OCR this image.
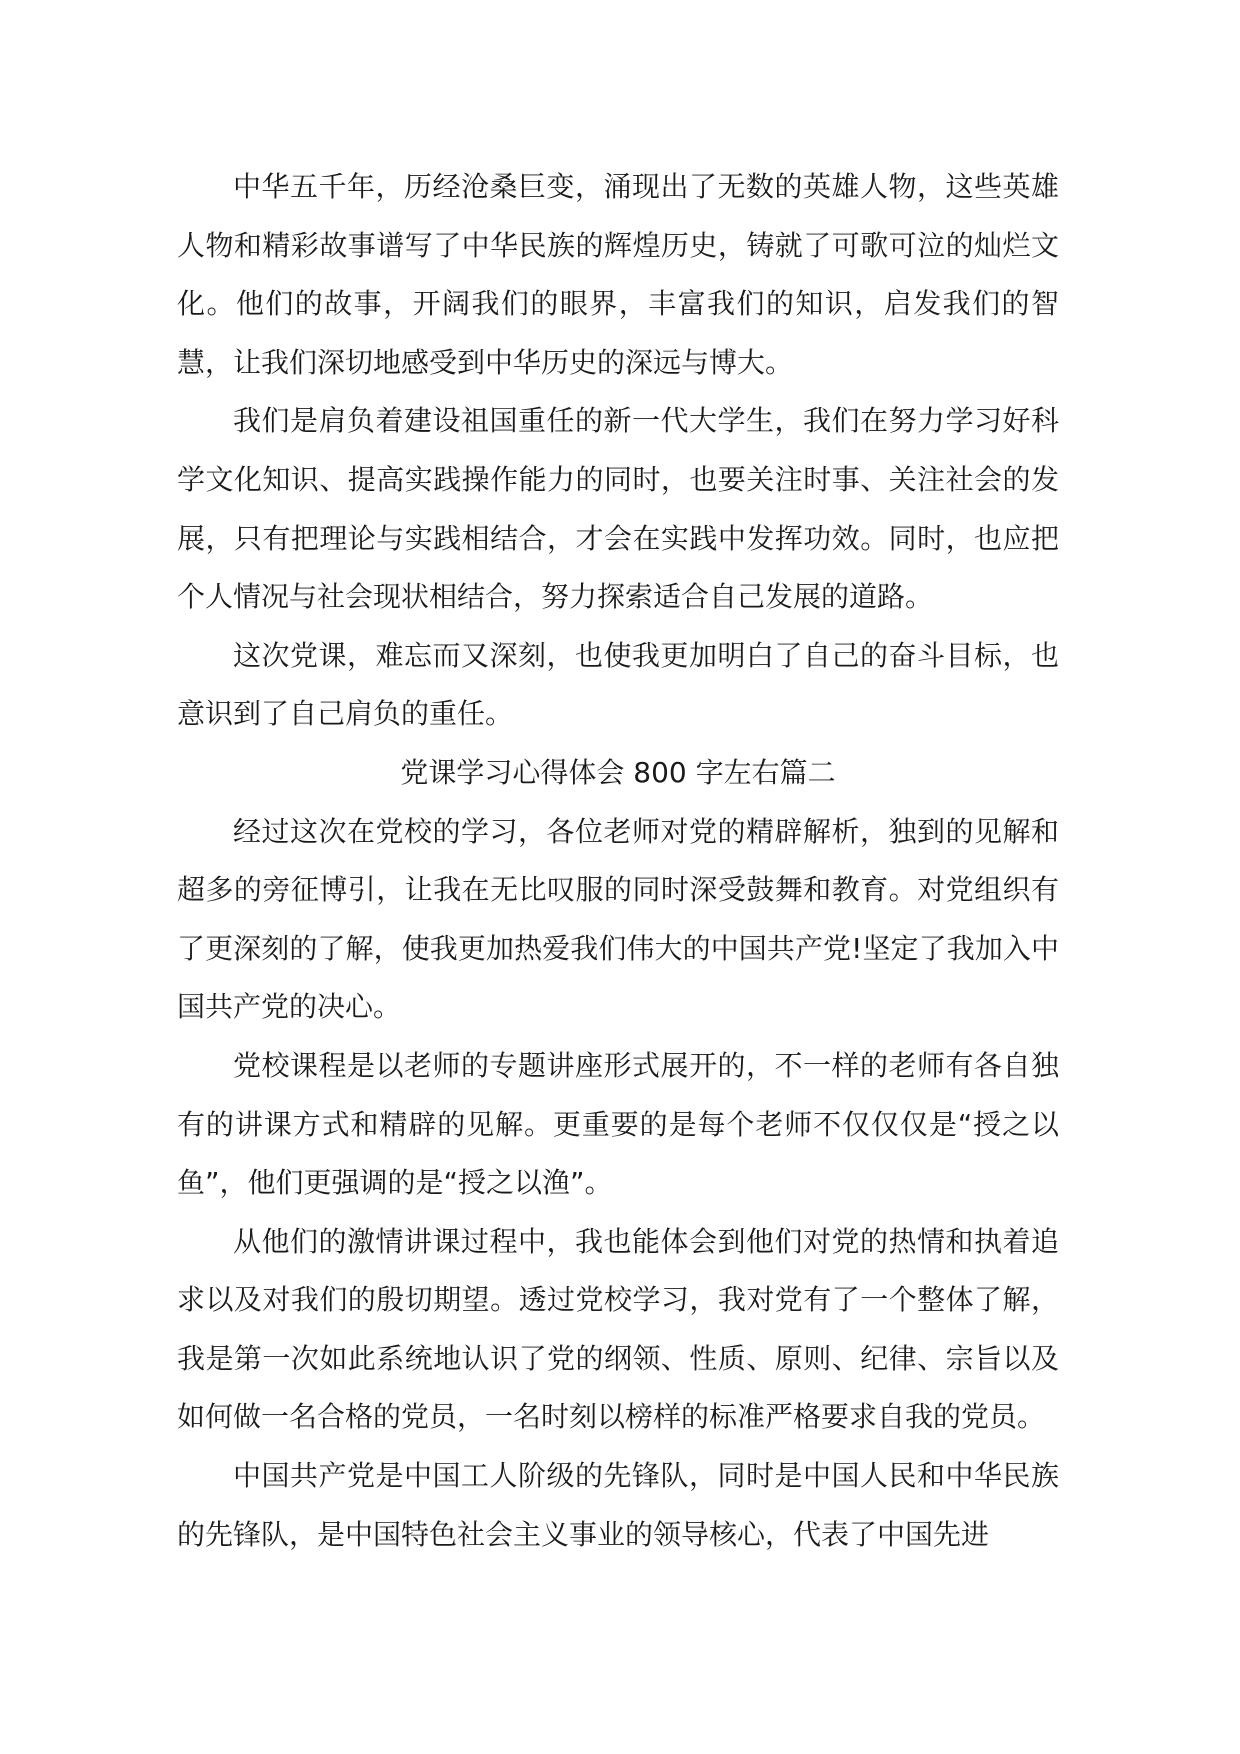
中华五千年，历经沧桑巨变，涌现出了无数的英雄人物，这些英雄人物和精彩故事谱写了中华民族的辉煌历史，铸就了可歌可泣的灿烂文化。他们的故事，开阔我们的眼界，丰富我们的知识，启发我们的智慧，让我们深切地感受到中华历史的深远与博大。

我们是肩负着建设祖国重任的新一代大学生，我们在努力学习好科学文化知识、提高实践操作能力的同时，也要关注时事、关注社会的发展，只有把理论与实践相结合，才会在实践中发挥功效。同时，也应把个人情况与社会现状相结合，努力探索适合自己发展的道路。

这次党课，难忘而又深刻，也使我更加明白了自己的奋斗目标，也意识到了自己肩负的重任。

党课学习心得体会 800 字左右篇二

经过这次在党校的学习，各位老师对党的精辟解析，独到的见解和超多的旁征博引，让我在无比叹服的同时深受鼓舞和教育。对党组织有了更深刻的了解，使我更加热爱我们伟大的中国共产党!坚定了我加入中国共产党的决心。

党校课程是以老师的专题讲座形式展开的，不一样的老师有各自独有的讲课方式和精辟的见解。更重要的是每个老师不仅仅仅是“授之以鱼”，他们更强调的是“授之以渔”。

从他们的激情讲课过程中，我也能体会到他们对党的热情和执着追求以及对我们的殷切期望。透过党校学习，我对党有了一个整体了解，我是第一次如此系统地认识了党的纲领、性质、原则、纪律、宗旨以及如何做一名合格的党员，一名时刻以榜样的标准严格要求自我的党员。

中国共产党是中国工人阶级的先锋队，同时是中国人民和中华民族的先锋队，是中国特色社会主义事业的领导核心，代表了中国先进
